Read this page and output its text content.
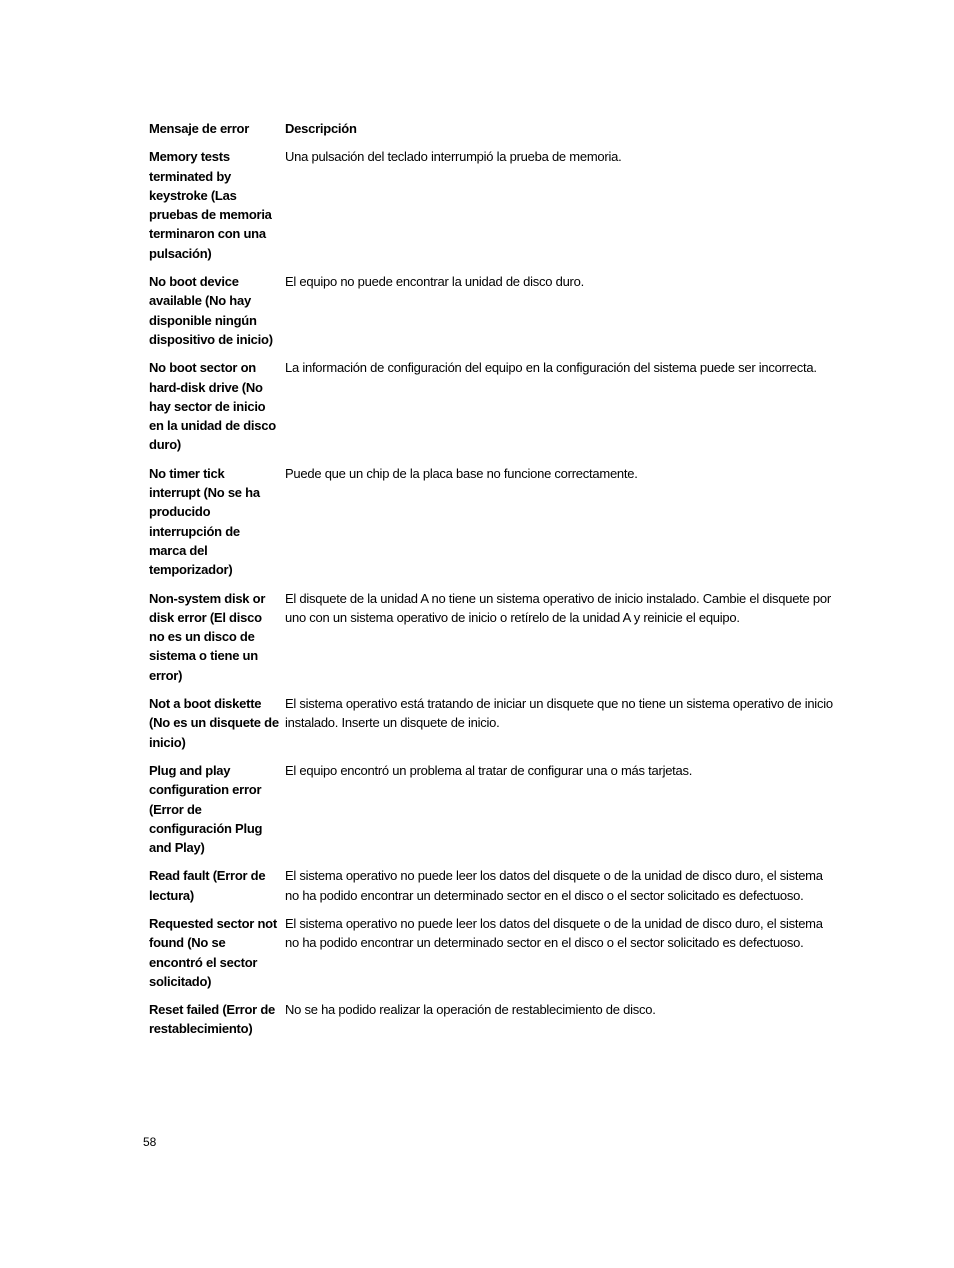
Mensaje de error	Descripción
Memory tests terminated by keystroke (Las pruebas de memoria terminaron con una pulsación)	Una pulsación del teclado interrumpió la prueba de memoria.
No boot device available (No hay disponible ningún dispositivo de inicio)	El equipo no puede encontrar la unidad de disco duro.
No boot sector on hard-disk drive (No hay sector de inicio en la unidad de disco duro)	La información de configuración del equipo en la configuración del sistema puede ser incorrecta.
No timer tick interrupt (No se ha producido interrupción de marca del temporizador)	Puede que un chip de la placa base no funcione correctamente.
Non-system disk or disk error (El disco no es un disco de sistema o tiene un error)	El disquete de la unidad A no tiene un sistema operativo de inicio instalado. Cambie el disquete por uno con un sistema operativo de inicio o retírelo de la unidad A y reinicie el equipo.
Not a boot diskette (No es un disquete de inicio)	El sistema operativo está tratando de iniciar un disquete que no tiene un sistema operativo de inicio instalado. Inserte un disquete de inicio.
Plug and play configuration error (Error de configuración Plug and Play)	El equipo encontró un problema al tratar de configurar una o más tarjetas.
Read fault (Error de lectura)	El sistema operativo no puede leer los datos del disquete o de la unidad de disco duro, el sistema no ha podido encontrar un determinado sector en el disco o el sector solicitado es defectuoso.
Requested sector not found (No se encontró el sector solicitado)	El sistema operativo no puede leer los datos del disquete o de la unidad de disco duro, el sistema no ha podido encontrar un determinado sector en el disco o el sector solicitado es defectuoso.
Reset failed (Error de restablecimiento)	No se ha podido realizar la operación de restablecimiento de disco.
58
